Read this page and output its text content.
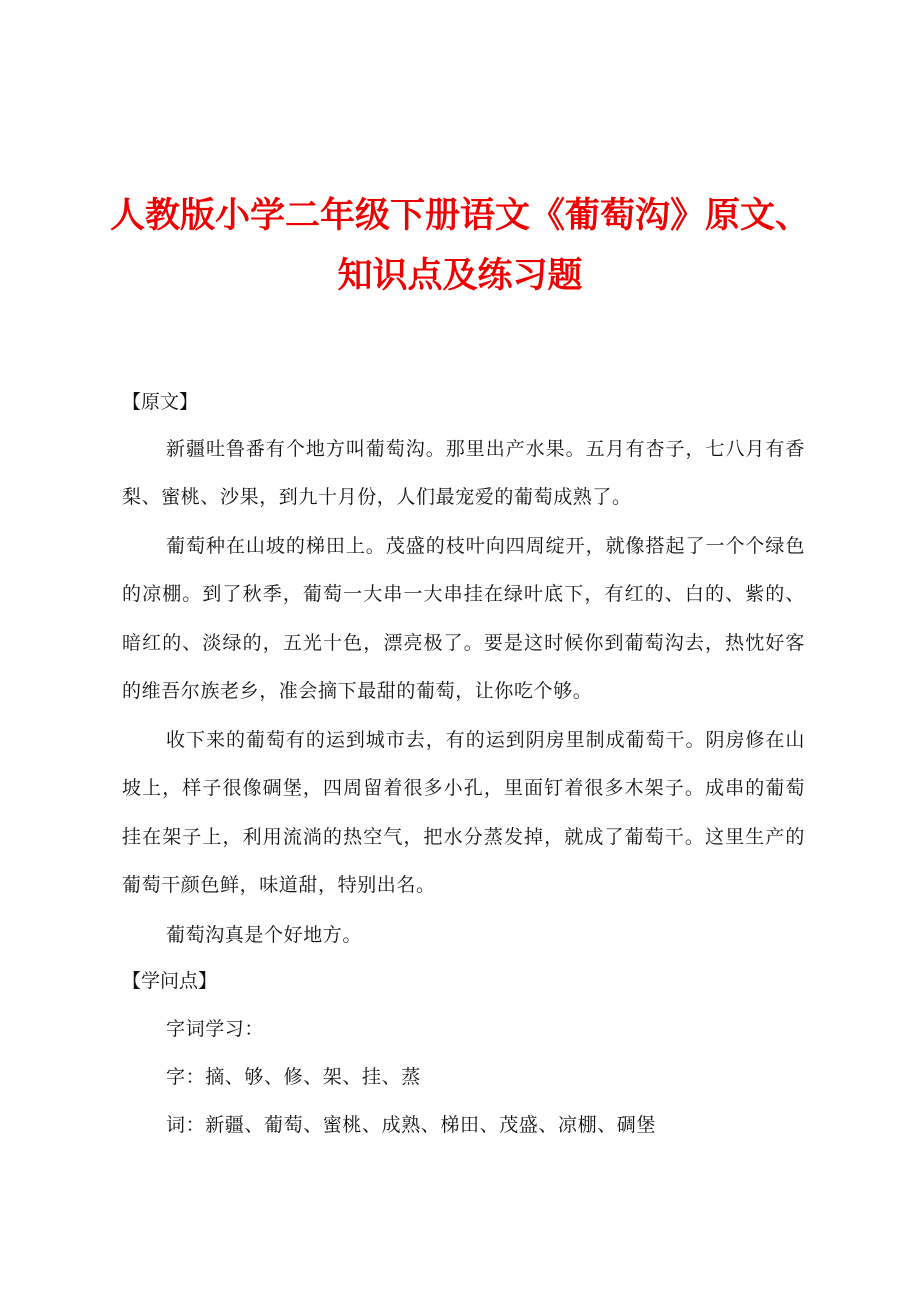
人教版小学二年级下册语文《葡萄沟》原文、
知识点及练习题

【原文】

新疆吐鲁番有个地方叫葡萄沟。那里出产水果。五月有杏子，七八月有香梨、蜜桃、沙果，到九十月份，人们最宠爱的葡萄成熟了。

葡萄种在山坡的梯田上。茂盛的枝叶向四周绽开，就像搭起了一个个绿色的凉棚。到了秋季，葡萄一大串一大串挂在绿叶底下，有红的、白的、紫的、暗红的、淡绿的，五光十色，漂亮极了。要是这时候你到葡萄沟去，热忱好客的维吾尔族老乡，准会摘下最甜的葡萄，让你吃个够。

收下来的葡萄有的运到城市去，有的运到阴房里制成葡萄干。阴房修在山坡上，样子很像碉堡，四周留着很多小孔，里面钉着很多木架子。成串的葡萄挂在架子上，利用流淌的热空气，把水分蒸发掉，就成了葡萄干。这里生产的葡萄干颜色鲜，味道甜，特别出名。

葡萄沟真是个好地方。

【学问点】

字词学习：

字：摘、够、修、架、挂、蒸

词：新疆、葡萄、蜜桃、成熟、梯田、茂盛、凉棚、碉堡
